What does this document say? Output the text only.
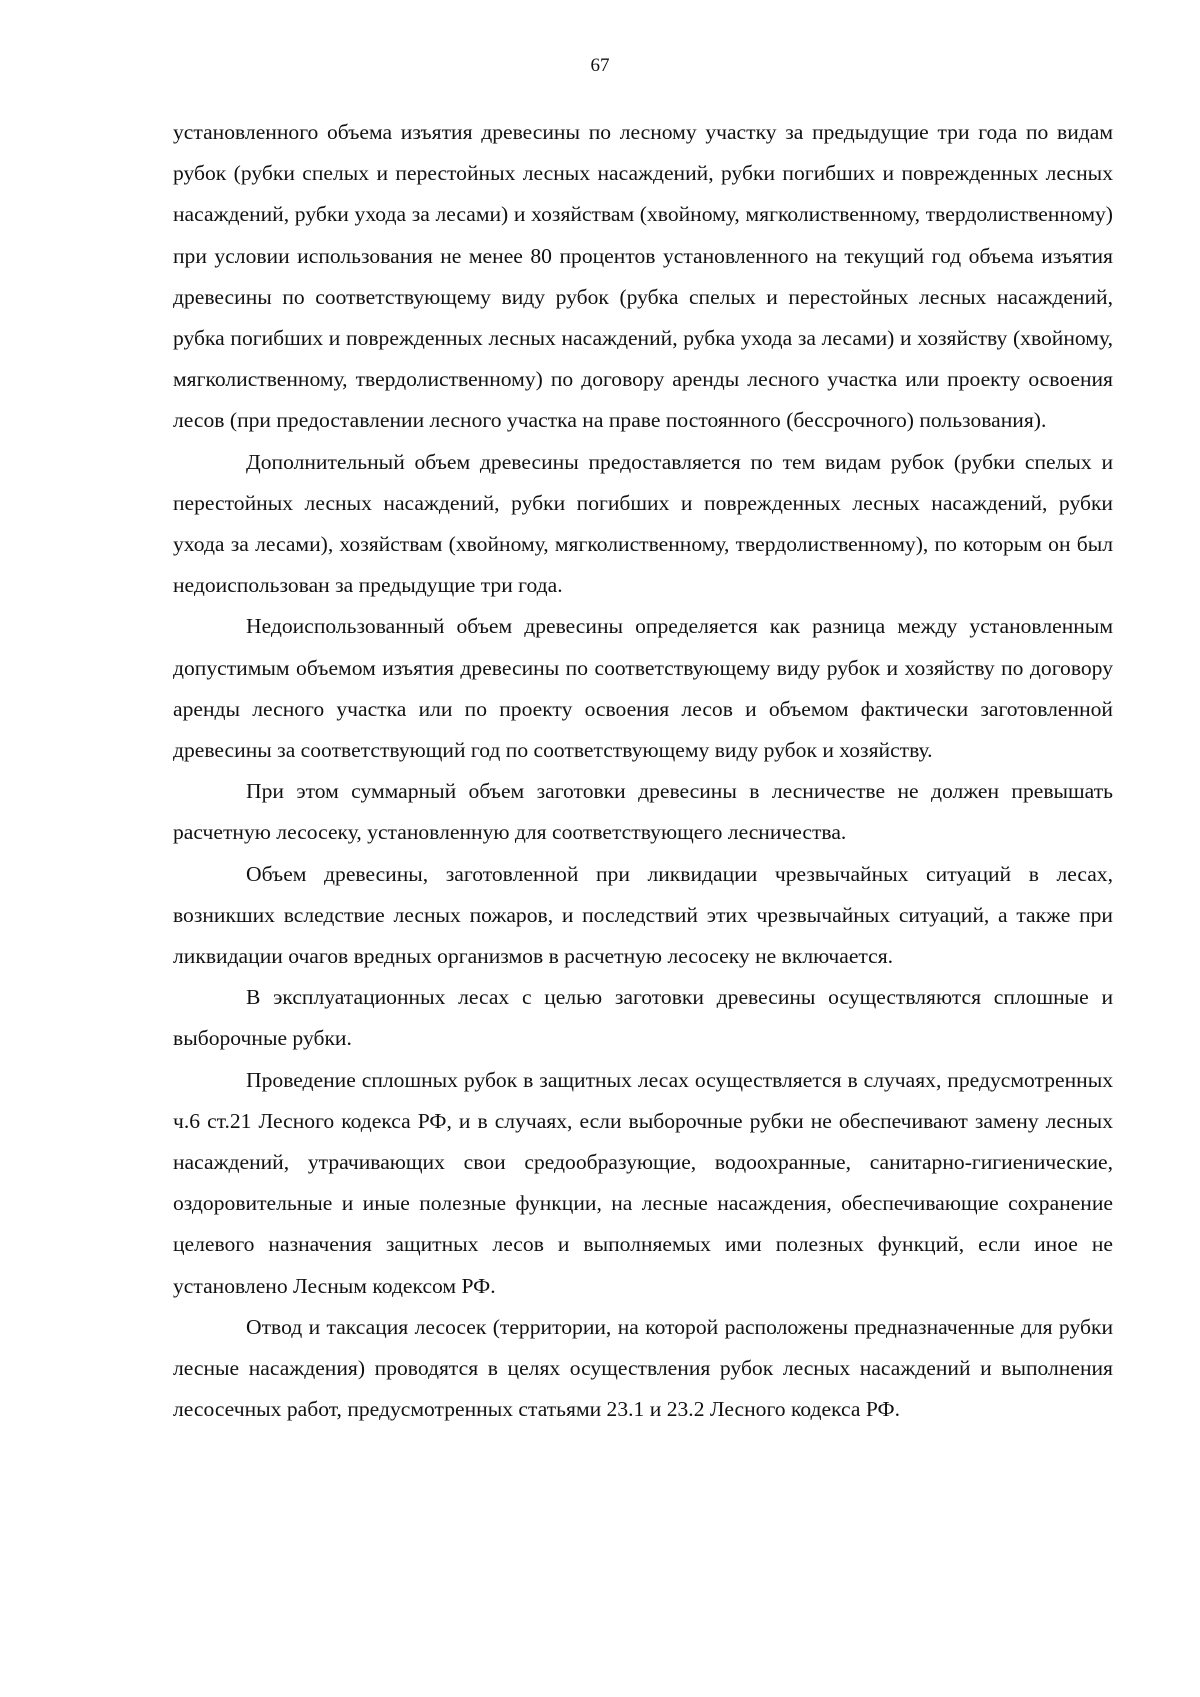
67

установленного объема изъятия древесины по лесному участку за предыдущие три года по видам рубок (рубки спелых и перестойных лесных насаждений, рубки погибших и поврежденных лесных насаждений, рубки ухода за лесами) и хозяйствам (хвойному, мягколиственному, твердолиственному) при условии использования не менее 80 процентов установленного на текущий год объема изъятия древесины по соответствующему виду рубок (рубка спелых и перестойных лесных насаждений, рубка погибших и поврежденных лесных насаждений, рубка ухода за лесами) и хозяйству (хвойному, мягколиственному, твердолиственному) по договору аренды лесного участка или проекту освоения лесов (при предоставлении лесного участка на праве постоянного (бессрочного) пользования).

Дополнительный объем древесины предоставляется по тем видам рубок (рубки спелых и перестойных лесных насаждений, рубки погибших и поврежденных лесных насаждений, рубки ухода за лесами), хозяйствам (хвойному, мягколиственному, твердолиственному), по которым он был недоиспользован за предыдущие три года.

Недоиспользованный объем древесины определяется как разница между установленным допустимым объемом изъятия древесины по соответствующему виду рубок и хозяйству по договору аренды лесного участка или по проекту освоения лесов и объемом фактически заготовленной древесины за соответствующий год по соответствующему виду рубок и хозяйству.

При этом суммарный объем заготовки древесины в лесничестве не должен превышать расчетную лесосеку, установленную для соответствующего лесничества.

Объем древесины, заготовленной при ликвидации чрезвычайных ситуаций в лесах, возникших вследствие лесных пожаров, и последствий этих чрезвычайных ситуаций, а также при ликвидации очагов вредных организмов в расчетную лесосеку не включается.

В эксплуатационных лесах с целью заготовки древесины осуществляются сплошные и выборочные рубки.

Проведение сплошных рубок в защитных лесах осуществляется в случаях, предусмотренных ч.6 ст.21 Лесного кодекса РФ, и в случаях, если выборочные рубки не обеспечивают замену лесных насаждений, утрачивающих свои средообразующие, водоохранные, санитарно-гигиенические, оздоровительные и иные полезные функции, на лесные насаждения, обеспечивающие сохранение целевого назначения защитных лесов и выполняемых ими полезных функций, если иное не установлено Лесным кодексом РФ.

Отвод и таксация лесосек (территории, на которой расположены предназначенные для рубки лесные насаждения) проводятся в целях осуществления рубок лесных насаждений и выполнения лесосечных работ, предусмотренных статьями 23.1 и 23.2 Лесного кодекса РФ.
